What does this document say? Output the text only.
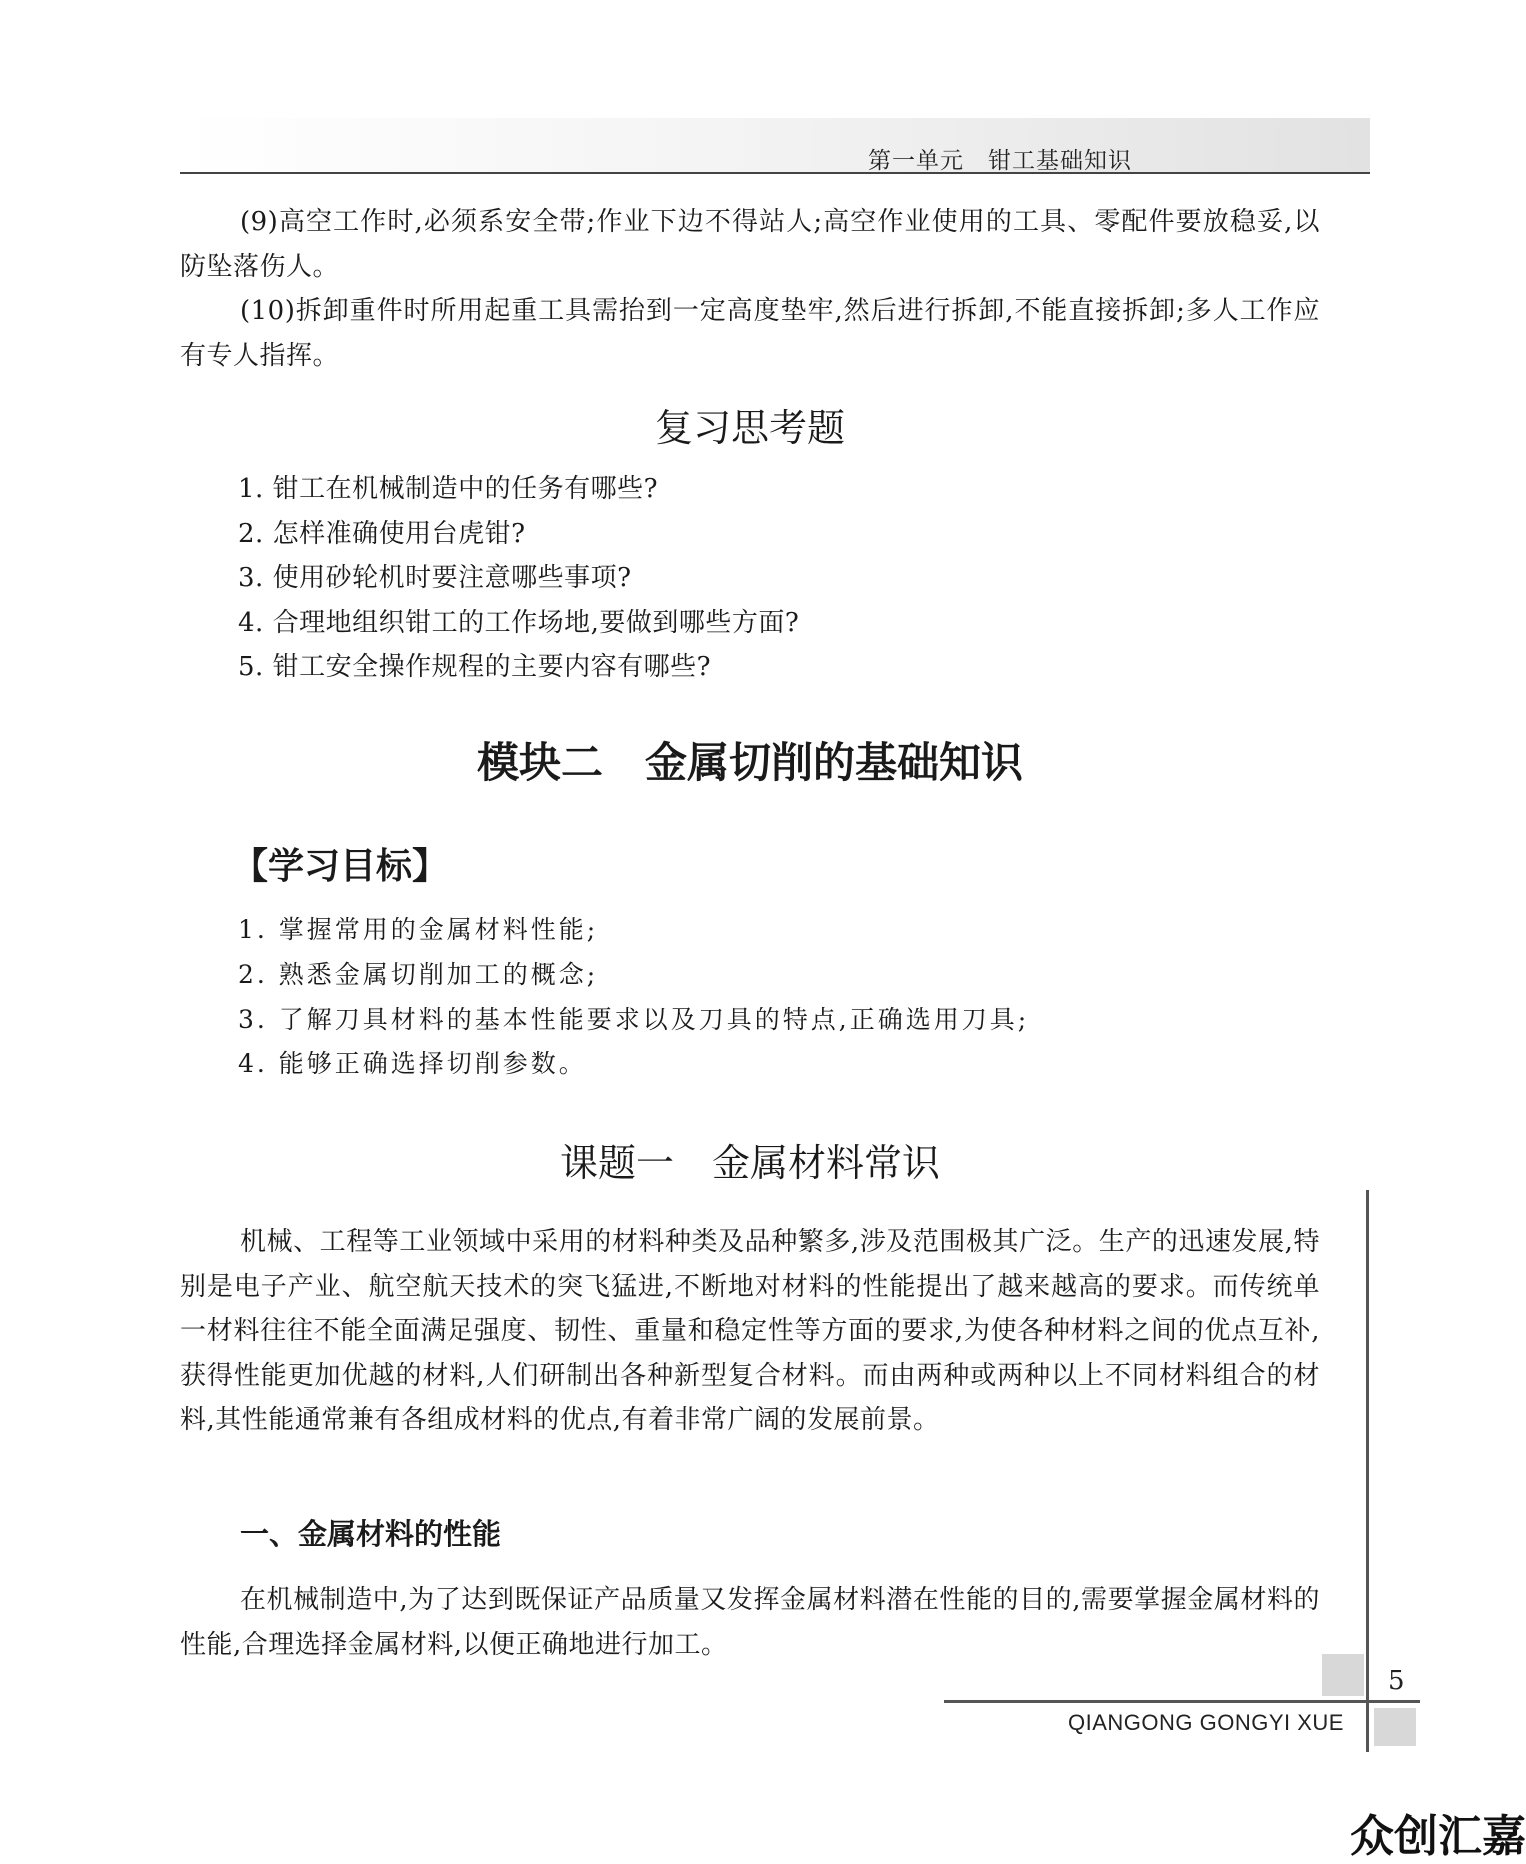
第一单元　钳工基础知识

(9)高空工作时,必须系安全带;作业下边不得站人;高空作业使用的工具、零配件要放稳妥,以防坠落伤人。

(10)拆卸重件时所用起重工具需抬到一定高度垫牢,然后进行拆卸,不能直接拆卸;多人工作应有专人指挥。

复习思考题
1. 钳工在机械制造中的任务有哪些?
2. 怎样准确使用台虎钳?
3. 使用砂轮机时要注意哪些事项?
4. 合理地组织钳工的工作场地,要做到哪些方面?
5. 钳工安全操作规程的主要内容有哪些?
模块二　金属切削的基础知识
【学习目标】
1. 掌握常用的金属材料性能;
2. 熟悉金属切削加工的概念;
3. 了解刀具材料的基本性能要求以及刀具的特点,正确选用刀具;
4. 能够正确选择切削参数。
课题一　金属材料常识

机械、工程等工业领域中采用的材料种类及品种繁多,涉及范围极其广泛。生产的迅速发展,特别是电子产业、航空航天技术的突飞猛进,不断地对材料的性能提出了越来越高的要求。而传统单一材料往往不能全面满足强度、韧性、重量和稳定性等方面的要求,为使各种材料之间的优点互补,获得性能更加优越的材料,人们研制出各种新型复合材料。而由两种或两种以上不同材料组合的材料,其性能通常兼有各组成材料的优点,有着非常广阔的发展前景。

一、金属材料的性能

在机械制造中,为了达到既保证产品质量又发挥金属材料潜在性能的目的,需要掌握金属材料的性能,合理选择金属材料,以便正确地进行加工。

5
QIANGONG GONGYI XUE
众创汇嘉
